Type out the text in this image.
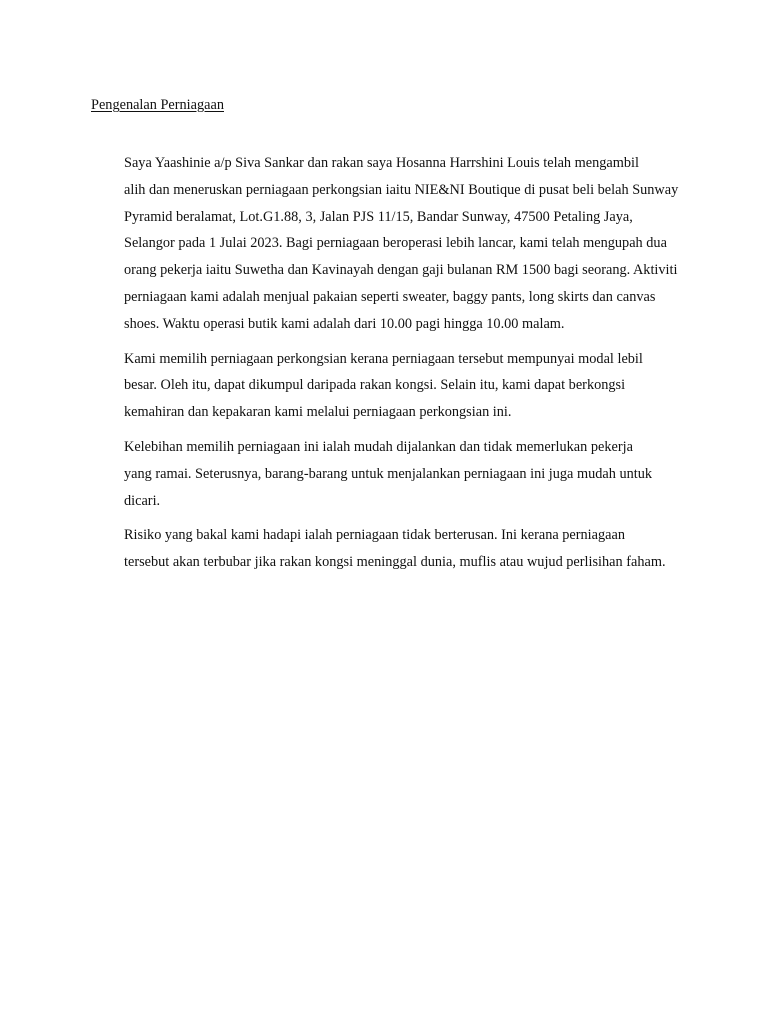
Pengenalan Perniagaan

Saya Yaashinie a/p Siva Sankar dan rakan saya Hosanna Harrshini Louis telah mengambil
alih dan meneruskan perniagaan perkongsian iaitu NIE&NI Boutique di pusat beli belah Sunway
Pyramid beralamat, Lot.G1.88, 3, Jalan PJS 11/15, Bandar Sunway, 47500 Petaling Jaya,
Selangor pada 1 Julai 2023. Bagi perniagaan beroperasi lebih lancar, kami telah mengupah dua
orang pekerja iaitu Suwetha dan Kavinayah dengan gaji bulanan RM 1500 bagi seorang. Aktiviti
perniagaan kami adalah menjual pakaian seperti sweater, baggy pants, long skirts dan canvas
shoes. Waktu operasi butik kami adalah dari 10.00 pagi hingga 10.00 malam.

Kami memilih perniagaan perkongsian kerana perniagaan tersebut mempunyai modal lebil
besar. Oleh itu, dapat dikumpul daripada rakan kongsi. Selain itu, kami dapat berkongsi
kemahiran dan kepakaran kami melalui perniagaan perkongsian ini.

Kelebihan memilih perniagaan ini ialah mudah dijalankan dan tidak memerlukan pekerja
yang ramai. Seterusnya, barang-barang untuk menjalankan perniagaan ini juga mudah untuk
dicari.

Risiko yang bakal kami hadapi ialah perniagaan tidak berterusan. Ini kerana perniagaan
tersebut akan terbubar jika rakan kongsi meninggal dunia, muflis atau wujud perlisihan faham.
